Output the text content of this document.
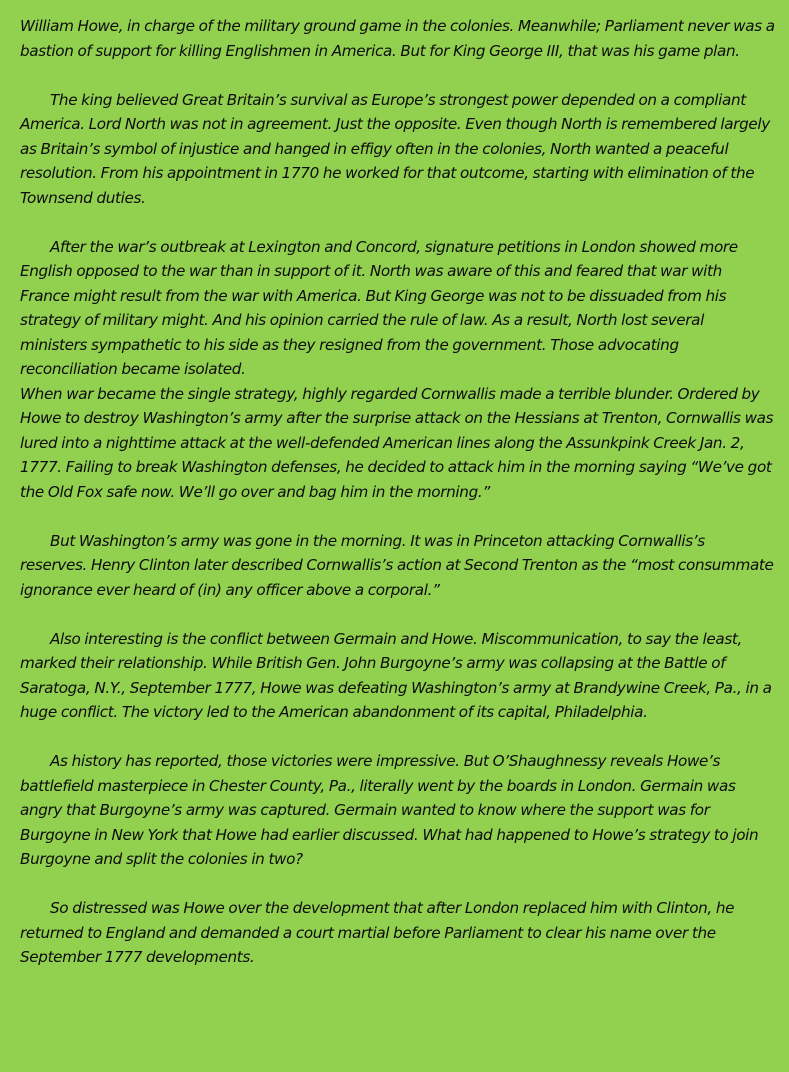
William Howe, in charge of the military ground game in the colonies. Meanwhile; Parliament never was a bastion of support for killing Englishmen in America. But for King George III, that was his game plan.

The king believed Great Britain’s survival as Europe’s strongest power depended on a compliant America. Lord North was not in agreement. Just the opposite. Even though North is remembered largely as Britain’s symbol of injustice and hanged in effigy often in the colonies, North wanted a peaceful resolution. From his appointment in 1770 he worked for that outcome, starting with elimination of the Townsend duties.

After the war’s outbreak at Lexington and Concord, signature petitions in London showed more English opposed to the war than in support of it. North was aware of this and feared that war with France might result from the war with America. But King George was not to be dissuaded from his strategy of military might. And his opinion carried the rule of law. As a result, North lost several ministers sympathetic to his side as they resigned from the government. Those advocating reconciliation became isolated.

When war became the single strategy, highly regarded Cornwallis made a terrible blunder. Ordered by Howe to destroy Washington’s army after the surprise attack on the Hessians at Trenton, Cornwallis was lured into a nighttime attack at the well-defended American lines along the Assunkpink Creek Jan. 2, 1777. Failing to break Washington defenses, he decided to attack him in the morning saying “We’ve got the Old Fox safe now. We’ll go over and bag him in the morning.”

But Washington’s army was gone in the morning. It was in Princeton attacking Cornwallis’s reserves. Henry Clinton later described Cornwallis’s action at Second Trenton as the “most consummate ignorance ever heard of (in) any officer above a corporal.”

Also interesting is the conflict between Germain and Howe. Miscommunication, to say the least, marked their relationship. While British Gen. John Burgoyne’s army was collapsing at the Battle of Saratoga, N.Y., September 1777, Howe was defeating Washington’s army at Brandywine Creek, Pa., in a huge conflict. The victory led to the American abandonment of its capital, Philadelphia.

As history has reported, those victories were impressive. But O’Shaughnessy reveals Howe’s battlefield masterpiece in Chester County, Pa., literally went by the boards in London. Germain was angry that Burgoyne’s army was captured. Germain wanted to know where the support was for Burgoyne in New York that Howe had earlier discussed. What had happened to Howe’s strategy to join Burgoyne and split the colonies in two?

So distressed was Howe over the development that after London replaced him with Clinton, he returned to England and demanded a court martial before Parliament to clear his name over the September 1777 developments.
